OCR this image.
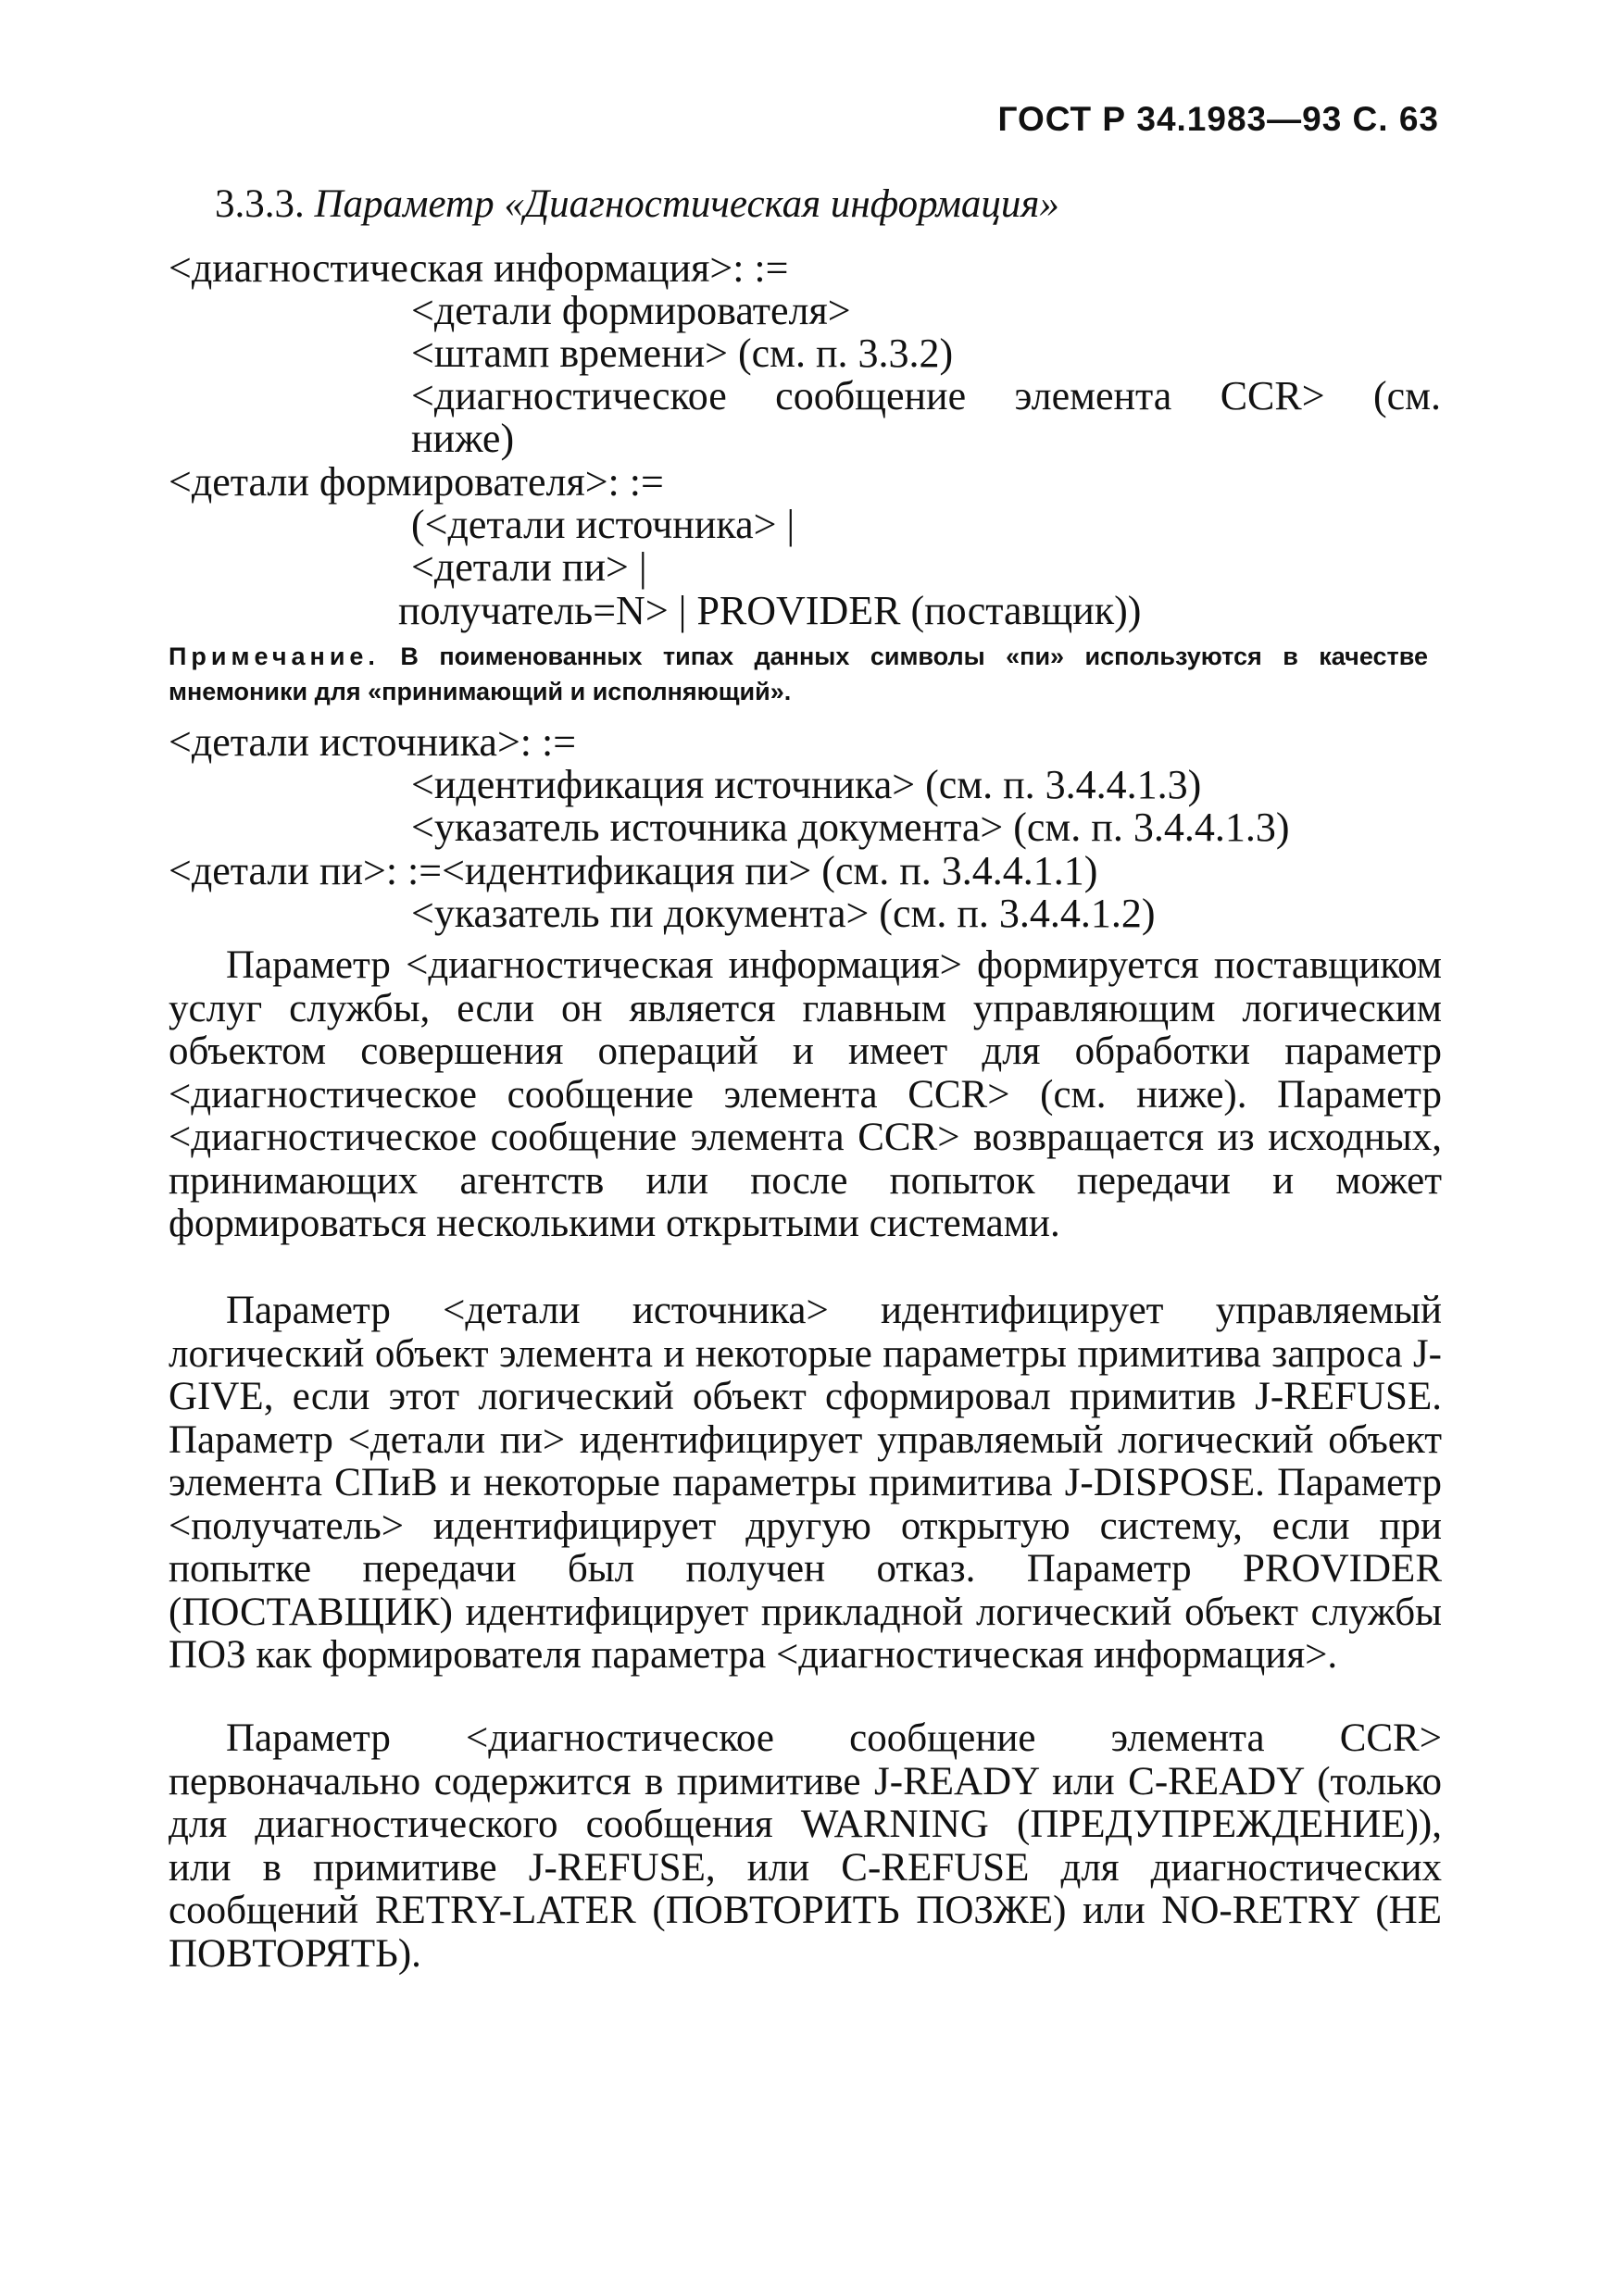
ГОСТ Р 34.1983—93 С. 63
3.3.3. Параметр «Диагностическая информация»
<диагностическая информация>: :=
<детали формирователя>
<штамп времени> (см. п. 3.3.2)
<диагностическое сообщение элемента CCR> (см.
ниже)
<детали формирователя>: :=
(<детали источника> |
<детали пи> |
получатель=N> | PROVIDER (поставщик))
Примечание. В поименованных типах данных символы «пи» используются в качестве мнемоники для «принимающий и исполняющий».
<детали источника>: :=
<идентификация источника> (см. п. 3.4.4.1.3)
<указатель источника документа> (см. п. 3.4.4.1.3)
<детали пи>: :=<идентификация пи> (см. п. 3.4.4.1.1)
<указатель пи документа> (см. п. 3.4.4.1.2)

Параметр <диагностическая информация> формируется поставщиком услуг службы, если он является главным управляющим логическим объектом совершения операций и имеет для обработки параметр <диагностическое сообщение элемента CCR> (см. ниже). Параметр <диагностическое сообщение элемента CCR> возвращается из исходных, принимающих агентств или после попыток передачи и может формироваться несколькими открытыми системами.

Параметр <детали источника> идентифицирует управляемый логический объект элемента и некоторые параметры примитива запроса J-GIVE, если этот логический объект сформировал примитив J-REFUSE. Параметр <детали пи> идентифицирует управляемый логический объект элемента СПиВ и некоторые параметры примитива J-DISPOSE. Параметр <получатель> идентифицирует другую открытую систему, если при попытке передачи был получен отказ. Параметр PROVIDER (ПОСТАВЩИК) идентифицирует прикладной логический объект службы ПОЗ как формирователя параметра <диагностическая информация>.

Параметр <диагностическое сообщение элемента CCR> первоначально содержится в примитиве J-READY или C-READY (только для диагностического сообщения WARNING (ПРЕДУПРЕЖДЕНИЕ)), или в примитиве J-REFUSE, или C-REFUSE для диагностических сообщений RETRY-LATER (ПОВТОРИТЬ ПОЗЖЕ) или NO-RETRY (НЕ ПОВТОРЯТЬ).
